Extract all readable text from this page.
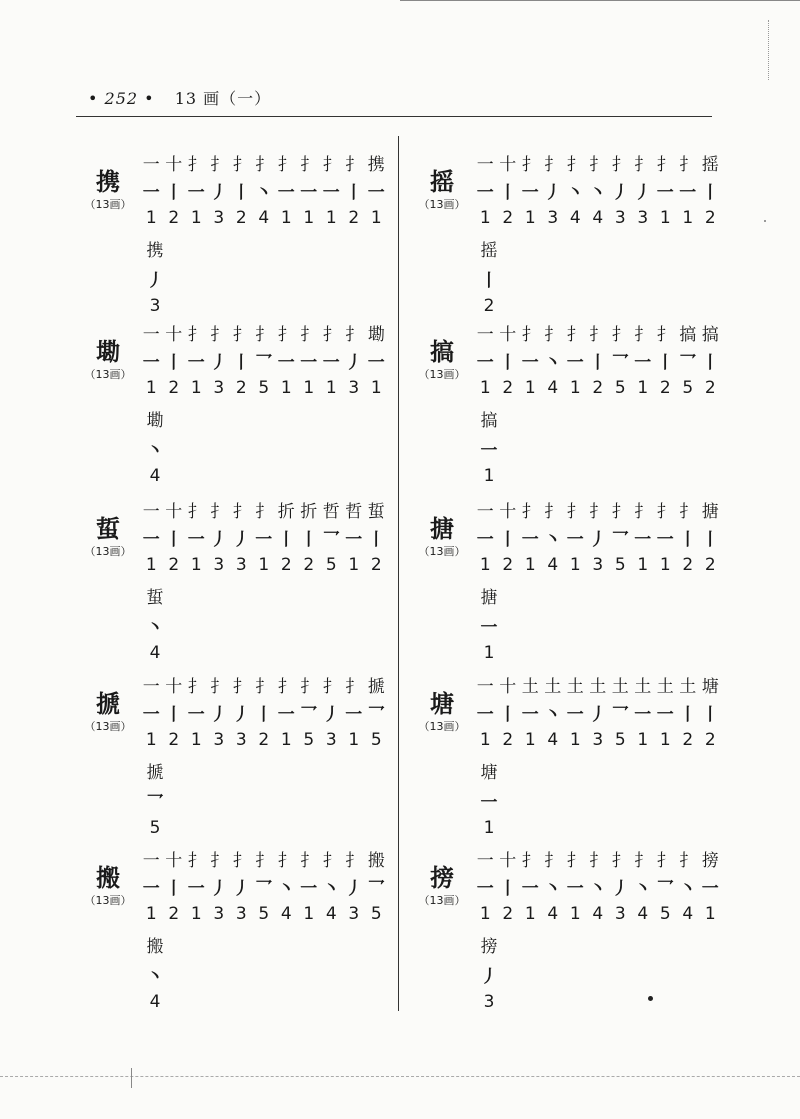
• 252 • 13 画（一）
携
（13画）
一 十 扌 扌 扌 扌 扌 扌 扌 扌 携
一 丨 一 丿 丨 丶 一 一 一 丨 一
1 2 1 3 2 4 1 1 1 2 1
携
丿
3
墈
（13画）
一 十 扌 扌 扌 扌 扌 扌 扌 扌 墈
一 丨 一 丿 丨 乛 一 一 一 丿 一
1 2 1 3 2 5 1 1 1 3 1
墈
丶
4
蜇
（13画）
一 十 扌 扌 扌 扌 折 折 哲 哲 蜇
一 丨 一 丿 丿 一 丨 丨 乛 一 丨
1 2 1 3 3 1 2 2 5 1 2
蜇
丶
4
搋
（13画）
一 十 扌 扌 扌 扌 扌 扌 扌 扌 搋
一 丨 一 丿 丿 丨 一 乛 丿 一 乛
1 2 1 3 3 2 1 5 3 1 5
搋
乛
5
搬
（13画）
一 十 扌 扌 扌 扌 扌 扌 扌 扌 搬
一 丨 一 丿 丿 乛 丶 一 丶 丿 乛
1 2 1 3 3 5 4 1 4 3 5
搬
丶
4
摇
（13画）
一 十 扌 扌 扌 扌 扌 扌 扌 扌 摇
一 丨 一 丿 丶 丶 丿 丿 一 一 丨
1 2 1 3 4 4 3 3 1 1 2
摇
丨
2
搞
（13画）
一 十 扌 扌 扌 扌 扌 扌 扌 搞 搞
一 丨 一 丶 一 丨 乛 一 丨 乛 丨
1 2 1 4 1 2 5 1 2 5 2
搞
一
1
搪
（13画）
一 十 扌 扌 扌 扌 扌 扌 扌 扌 搪
一 丨 一 丶 一 丿 乛 一 一 丨 丨
1 2 1 4 1 3 5 1 1 2 2
搪
一
1
塘
（13画）
一 十 土 土 土 土 土 土 土 土 塘
一 丨 一 丶 一 丿 乛 一 一 丨 丨
1 2 1 4 1 3 5 1 1 2 2
塘
一
1
搒
（13画）
一 十 扌 扌 扌 扌 扌 扌 扌 扌 搒
一 丨 一 丶 一 丶 丿 丶 乛 丶 一
1 2 1 4 1 4 3 4 5 4 1
搒
丿
3
